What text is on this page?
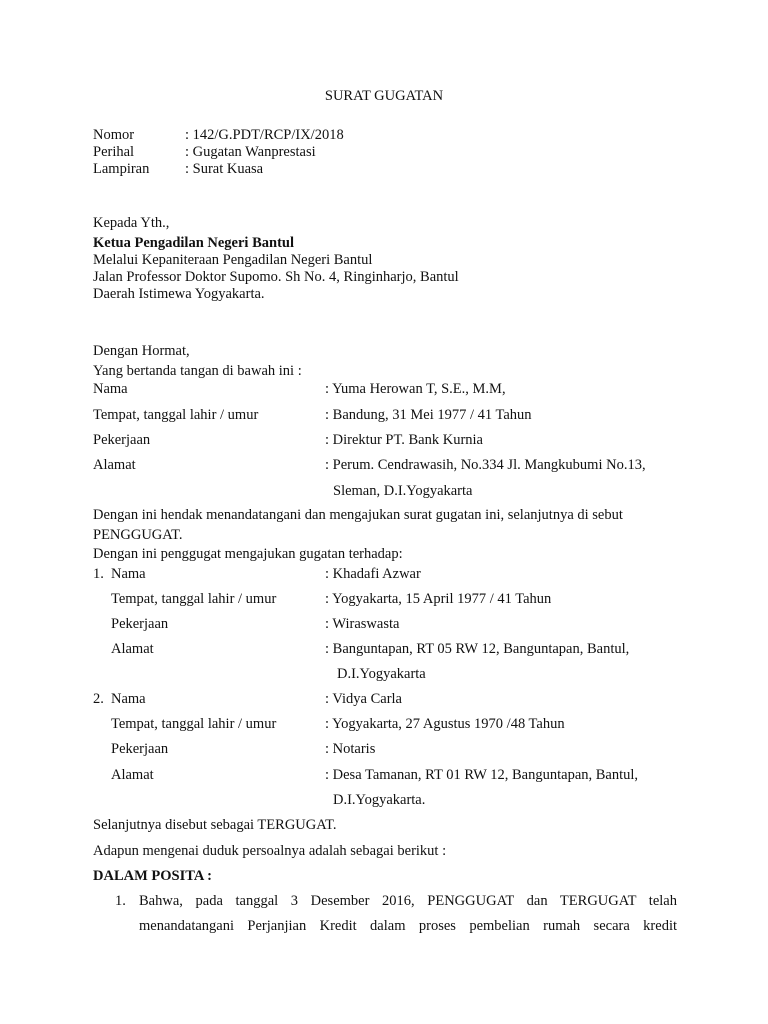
SURAT GUGATAN
Nomor	: 142/G.PDT/RCP/IX/2018
Perihal	: Gugatan Wanprestasi
Lampiran : Surat Kuasa
Kepada Yth.,
Ketua Pengadilan Negeri Bantul
Melalui Kepaniteraan Pengadilan Negeri Bantul
Jalan Professor Doktor Supomo. Sh No. 4, Ringinharjo, Bantul
Daerah Istimewa Yogyakarta.
Dengan Hormat,
Yang bertanda tangan di bawah ini :
Nama	: Yuma Herowan T, S.E., M.M,
Tempat, tanggal lahir / umur	: Bandung, 31 Mei 1977 / 41 Tahun
Pekerjaan	: Direktur PT. Bank Kurnia
Alamat	: Perum. Cendrawasih, No.334 Jl. Mangkubumi No.13,
Sleman, D.I.Yogyakarta
Dengan ini hendak menandatangani dan mengajukan surat gugatan ini, selanjutnya di sebut
PENGGUGAT.
Dengan ini penggugat mengajukan gugatan terhadap:
1. Nama	: Khadafi Azwar
Tempat, tanggal lahir / umur	: Yogyakarta, 15 April 1977 / 41 Tahun
Pekerjaan	: Wiraswasta
Alamat	: Banguntapan, RT 05 RW 12, Banguntapan, Bantul,
D.I.Yogyakarta
2. Nama	: Vidya Carla
Tempat, tanggal lahir / umur	: Yogyakarta, 27 Agustus 1970 /48 Tahun
Pekerjaan	: Notaris
Alamat	: Desa Tamanan, RT 01 RW 12, Banguntapan, Bantul,
D.I.Yogyakarta.
Selanjutnya disebut sebagai TERGUGAT.
Adapun mengenai duduk persoalnya adalah sebagai berikut :
DALAM POSITA :
1. Bahwa, pada tanggal 3 Desember 2016, PENGGUGAT dan TERGUGAT telah
menandatangani Perjanjian Kredit dalam proses pembelian rumah secara kredit
